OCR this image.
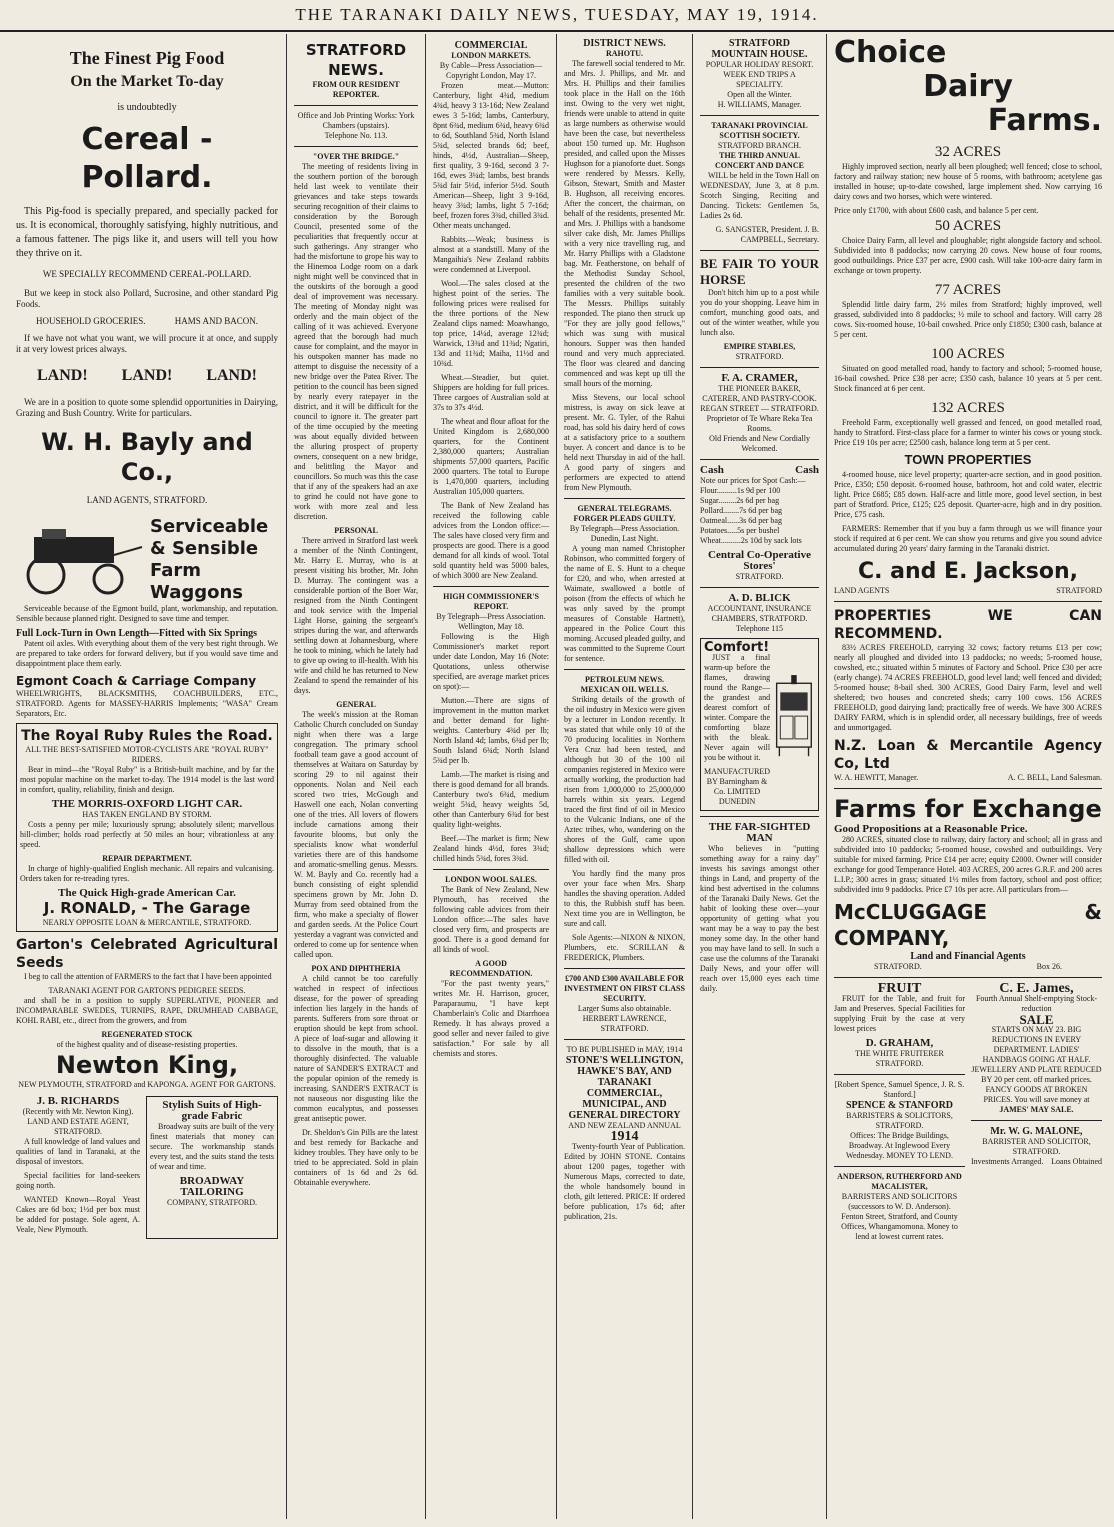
THE TARANAKI DAILY NEWS, TUESDAY, MAY 19, 1914.
The Finest Pig Food
On the Market To-day
is undoubtedly
Cereal - Pollard.

This Pig-food is specially prepared, and specially packed for us. It is economical, thoroughly satisfying, highly nutritious, and a famous fattener. The pigs like it, and users will tell you how they thrive on it.

WE SPECIALLY RECOMMEND CEREAL-POLLARD.

But we keep in stock also Pollard, Sucrosine, and other standard Pig Foods.

HOUSEHOLD GROCERIES.	HAMS AND BACON.

If we have not what you want, we will procure it at once, and supply it at very lowest prices always.

LAND! LAND! LAND!

We are in a position to quote some splendid opportunities in Dairying, Grazing and Bush Country. Write for particulars.

W. H. Bayly and Co.,
LAND AGENTS, STRATFORD.
Serviceable
& Sensible
Farm
Waggons

Serviceable because of the Egmont build, plant, workmanship, and reputation. Sensible because planned right. Designed to save time and temper.

Full Lock-Turn in Own Length—Fitted with Six Springs

Patent oil axles. With everything about them of the very best right through. We are prepared to take orders for forward delivery, but if you would save time and disappointment place them early.

Egmont Coach & Carriage Company
WHEELWRIGHTS, BLACKSMITHS, COACHBUILDERS, ETC., STRATFORD. Agents for MASSEY-HARRIS Implements; "WASA" Cream Separators, Etc.
The Royal Ruby Rules the Road.
ALL THE BEST-SATISFIED MOTOR-CYCLISTS ARE "ROYAL RUBY" RIDERS.

Bear in mind—the "Royal Ruby" is a British-built machine, and by far the most popular machine on the market to-day. The 1914 model is the last word in comfort, quality, reliability, finish and design.

THE MORRIS-OXFORD LIGHT CAR.
HAS TAKEN ENGLAND BY STORM.

Costs a penny per mile; luxuriously sprung; absolutely silent; marvellous hill-climber; holds road perfectly at 50 miles an hour; vibrationless at any speed.

REPAIR DEPARTMENT.

In charge of highly-qualified English mechanic. All repairs and vulcanising. Orders taken for re-treading tyres.

The Quick High-grade American Car.
J. RONALD, - The Garage
NEARLY OPPOSITE LOAN & MERCANTILE, STRATFORD.
Garton's Celebrated Agricultural Seeds

I beg to call the attention of FARMERS to the fact that I have been appointed

TARANAKI AGENT FOR GARTON'S PEDIGREE SEEDS.

and shall be in a position to supply SUPERLATIVE, PIONEER and INCOMPARABLE SWEDES, TURNIPS, RAPE, DRUMHEAD CABBAGE, KOHL RABI, etc., direct from the growers, and from

REGENERATED STOCK
of the highest quality and of disease-resisting properties.
Newton King,
NEW PLYMOUTH, STRATFORD and KAPONGA. AGENT FOR GARTONS.
J. B. RICHARDS
(Recently with Mr. Newton King).
LAND AND ESTATE AGENT, STRATFORD.

A full knowledge of land values and qualities of land in Taranaki, at the disposal of investors.

Special facilities for land-seekers going north.

WANTED Known—Royal Yeast Cakes are 6d box; 1½d per box must be added for postage. Sole agent, A. Veale, New Plymouth.

Stylish Suits of High-grade Fabric

Broadway suits are built of the very finest materials that money can secure. The workmanship stands every test, and the suits stand the tests of wear and time.

BROADWAY TAILORING
COMPANY, STRATFORD.
STRATFORD NEWS.
FROM OUR RESIDENT REPORTER.
Office and Job Printing Works: York Chambers (upstairs).
Telephone No. 113.
"OVER THE BRIDGE."

The meeting of residents living in the southern portion of the borough held last week to ventilate their grievances and take steps towards securing recognition of their claims to consideration by the Borough Council, presented some of the peculiarities that frequently occur at such gatherings. Any stranger who had the misfortune to grope his way to the Hinemoa Lodge room on a dark night might well be convinced that in the outskirts of the borough a good deal of improvement was necessary. The meeting of Monday night was orderly and the main object of the calling of it was achieved. Everyone agreed that the borough had much cause for complaint, and the mayor in his outspoken manner has made no attempt to disguise the necessity of a new bridge over the Patea River. The petition to the council has been signed by nearly every ratepayer in the district, and it will be difficult for the council to ignore it. The greater part of the time occupied by the meeting was about equally divided between the alluring prospect of property owners, consequent on a new bridge, and belittling the Mayor and councillors. So much was this the case that if any of the speakers had an axe to grind he could not have gone to work with more zeal and less discretion.

PERSONAL

There arrived in Stratford last week a member of the Ninth Contingent, Mr. Harry E. Murray, who is at present visiting his brother, Mr. John D. Murray. The contingent was a considerable portion of the Boer War, resigned from the Ninth Contingent and took service with the Imperial Light Horse, gaining the sergeant's stripes during the war, and afterwards settling down at Johannesburg, where he took to mining, which he lately had to give up owing to ill-health. With his wife and child he has returned to New Zealand to spend the remainder of his days.

GENERAL

The week's mission at the Roman Catholic Church concluded on Sunday night when there was a large congregation. The primary school football team gave a good account of themselves at Waitara on Saturday by scoring 29 to nil against their opponents. Nolan and Neil each scored two tries, McGough and Haswell one each, Nolan converting one of the tries. All lovers of flowers include carnations among their favourite blooms, but only the specialists know what wonderful varieties there are of this handsome and aromatic-smelling genus. Messrs. W. M. Bayly and Co. recently had a bunch consisting of eight splendid specimens grown by Mr. John D. Murray from seed obtained from the firm, who make a specialty of flower and garden seeds. At the Police Court yesterday a vagrant was convicted and ordered to come up for sentence when called upon.

POX AND DIPHTHERIA

A child cannot be too carefully watched in respect of infectious disease, for the power of spreading infection lies largely in the hands of parents. Sufferers from sore throat or eruption should be kept from school. A piece of loaf-sugar and allowing it to dissolve in the mouth, that is a thoroughly disinfected. The valuable nature of SANDER'S EXTRACT and the popular opinion of the remedy is increasing. SANDER'S EXTRACT is not nauseous nor disgusting like the common eucalyptus, and possesses great antiseptic power.

Dr. Sheldon's Gin Pills are the latest and best remedy for Backache and kidney troubles. They have only to be tried to be appreciated. Sold in plain containers of 1s 6d and 2s 6d. Obtainable everywhere.

COMMERCIAL
LONDON MARKETS.
By Cable—Press Association—Copyright London, May 17.

Frozen meat.—Mutton: Canterbury, light 4¾d, medium 4¾d, heavy 3 13-16d; New Zealand ewes 3 5-16d; lambs, Canterbury, 8pnt 6¾d, medium 6¾d, heavy 6¾d to 6d, Southland 5¾d, North Island 5¾d, selected brands 6d; beef, hinds, 4½d, Australian—Sheep, first quality, 3 9-16d, second 3 7-16d, ewes 3¼d; lambs, best brands 5¾d fair 5½d, inferior 5½d. South American—Sheep, light 3 9-16d, heavy 3¾d; lambs, light 5 7-16d; beef, frozen fores 3¾d, chilled 3¾d. Other meats unchanged.

Rabbits.—Weak; business is almost at a standstill. Many of the Mangaihia's New Zealand rabbits were condemned at Liverpool.

Wool.—The sales closed at the highest point of the series. The following prices were realised for the three portions of the New Zealand clips named: Moawhango, top price, 14¼d, average 12¾d; Warwick, 13¾d and 11¾d; Ngatiri, 13d and 11¾d; Maiha, 11½d and 10¾d.

Wheat.—Steadier, but quiet. Shippers are holding for full prices. Three cargoes of Australian sold at 37s to 37s 4½d.

The wheat and flour afloat for the United Kingdom is 2,680,000 quarters, for the Continent 2,380,000 quarters; Australian shipments 57,000 quarters, Pacific 2000 quarters. The total to Europe is 1,470,000 quarters, including Australian 105,000 quarters.

The Bank of New Zealand has received the following cable advices from the London office:—The sales have closed very firm and prospects are good. There is a good demand for all kinds of wool. Total sold quantity held was 5000 bales, of which 3000 are New Zealand.

HIGH COMMISSIONER'S REPORT.
By Telegraph—Press Association. Wellington, May 18.

Following is the High Commissioner's market report under date London, May 16 (Note: Quotations, unless otherwise specified, are average market prices on spot):—

Mutton.—There are signs of improvement in the mutton market and better demand for light-weights. Canterbury 4¾d per lb; North Island 4d; lambs, 6¾d per lb; South Island 6¾d; North Island 5¾d per lb.

Lamb.—The market is rising and there is good demand for all brands. Canterbury two's 6¾d, medium weight 5¾d, heavy weights 5d, other than Canterbury 6¾d for best quality light-weights.

Beef.—The market is firm; New Zealand hinds 4½d, fores 3¾d; chilled hinds 5¾d, fores 3¾d.

LONDON WOOL SALES.

The Bank of New Zealand, New Plymouth, has received the following cable advices from their London office:—The sales have closed very firm, and prospects are good. There is a good demand for all kinds of wool.

A GOOD RECOMMENDATION.

"For the past twenty years," writes Mr. H. Harrison, grocer, Paraparaumu, "I have kept Chamberlain's Colic and Diarrhoea Remedy. It has always proved a good seller and never failed to give satisfaction." For sale by all chemists and stores.

DISTRICT NEWS.
RAHOTU.

The farewell social tendered to Mr. and Mrs. J. Phillips, and Mr. and Mrs. H. Phillips and their families took place in the Hall on the 16th inst. Owing to the very wet night, friends were unable to attend in quite as large numbers as otherwise would have been the case, but nevertheless about 150 turned up. Mr. Hughson presided, and called upon the Misses Hughson for a pianoforte duet. Songs were rendered by Messrs. Kelly, Gibson, Stewart, Smith and Master B. Hughson, all receiving encores. After the concert, the chairman, on behalf of the residents, presented Mr. and Mrs. J. Phillips with a handsome silver cake dish, Mr. James Phillips with a very nice travelling rug, and Mr. Harry Phillips with a Gladstone bag. Mr. Featherstone, on behalf of the Methodist Sunday School, presented the children of the two families with a very suitable book. The Messrs. Phillips suitably responded. The piano then struck up "For they are jolly good fellows," which was sung with musical honours. Supper was then handed round and very much appreciated. The floor was cleared and dancing commenced and was kept up till the small hours of the morning.

Miss Stevens, our local school mistress, is away on sick leave at present. Mr. G. Tyler, of the Rahui road, has sold his dairy herd of cows at a satisfactory price to a southern buyer. A concert and dance is to be held next Thursday in aid of the hall. A good party of singers and performers are expected to attend from New Plymouth.

GENERAL TELEGRAMS.
FORGER PLEADS GUILTY.
By Telegraph—Press Association. Dunedin, Last Night.

A young man named Christopher Robinson, who committed forgery of the name of E. S. Hunt to a cheque for £20, and who, when arrested at Waimate, swallowed a bottle of poison (from the effects of which he was only saved by the prompt measures of Constable Hartnett), appeared in the Police Court this morning. Accused pleaded guilty, and was committed to the Supreme Court for sentence.

PETROLEUM NEWS.
MEXICAN OIL WELLS.

Striking details of the growth of the oil industry in Mexico were given by a lecturer in London recently. It was stated that while only 10 of the 70 producing localities in Northern Vera Cruz had been tested, and although but 30 of the 100 oil companies registered in Mexico were actually working, the production had risen from 1,000,000 to 25,000,000 barrels within six years. Legend traced the first find of oil in Mexico to the Vulcanic Indians, one of the Aztec tribes, who, wandering on the shores of the Gulf, came upon shallow depressions which were filled with oil.

You hardly find the many pros over your face when Mrs. Sharp handles the shaving operation. Added to this, the Rubbish stuff has been. Next time you are in Wellington, be sure and call.

Sole Agents:—NIXON & NIXON, Plumbers, etc. SCRILLAN & FREDERICK, Plumbers.

£700 AND £300 AVAILABLE FOR INVESTMENT ON FIRST CLASS SECURITY.
Larger Sums also obtainable. HERBERT LAWRENCE, STRATFORD.
TO BE PUBLISHED in MAY, 1914
STONE'S WELLINGTON, HAWKE'S BAY, AND TARANAKI COMMERCIAL, MUNICIPAL, AND GENERAL DIRECTORY
AND NEW ZEALAND ANNUAL
1914

Twenty-fourth Year of Publication. Edited by JOHN STONE. Contains about 1200 pages, together with Numerous Maps, corrected to date, the whole handsomely bound in cloth, gilt lettered. PRICE: If ordered before publication, 17s 6d; after publication, 21s.

STRATFORD MOUNTAIN HOUSE.
POPULAR HOLIDAY RESORT.
WEEK END TRIPS A SPECIALITY.
Open all the Winter.
H. WILLIAMS, Manager.
TARANAKI PROVINCIAL SCOTTISH SOCIETY.
STRATFORD BRANCH.
THE THIRD ANNUAL CONCERT AND DANCE

WILL be held in the Town Hall on WEDNESDAY, June 3, at 8 p.m. Scotch Singing, Reciting and Dancing. Tickets: Gentlemen 5s, Ladies 2s 6d.

G. SANGSTER, President. J. B. CAMPBELL, Secretary.
BE FAIR TO YOUR HORSE

Don't hitch him up to a post while you do your shopping. Leave him in comfort, munching good oats, and out of the winter weather, while you lunch also.

EMPIRE STABLES,
STRATFORD.
F. A. CRAMER,
THE PIONEER BAKER, CATERER, AND PASTRY-COOK.
REGAN STREET — STRATFORD.
Proprietor of Te Whare Reka Tea Rooms.
Old Friends and New Cordially Welcomed.
Cash	Cash
Note our prices for Spot Cash:—
Flour..........1s 9d per 100
Sugar.........2s 6d per bag
Pollard........7s 6d per bag
Oatmeal......3s 6d per bag
Potatoes.....5s per bushel
Wheat..........2s 10d by sack lots
Central Co-Operative Stores'
STRATFORD.
A. D. BLICK
ACCOUNTANT, INSURANCE CHAMBERS, STRATFORD.
Telephone 115
Comfort!

JUST a final warm-up before the flames, drawing round the Range—the grandest and dearest comfort of winter. Compare the comforting blaze with the bleak. Never again will you be without it.

MANUFACTURED BY Barningham & Co. LIMITED DUNEDIN
THE FAR-SIGHTED MAN

Who believes in "putting something away for a rainy day" invests his savings amongst other things in Land, and property of the kind best advertised in the columns of the Taranaki Daily News. Get the habit of looking these over—your opportunity of getting what you want may be a way to pay the best money some day. In the other hand you may have land to sell. In such a case use the columns of the Taranaki Daily News, and your offer will reach over 15,000 eyes each time daily.

Choice
Dairy
Farms.
32 ACRES

Highly improved section, nearly all been ploughed; well fenced; close to school, factory and railway station; new house of 5 rooms, with bathroom; acetylene gas installed in house; up-to-date cowshed, large implement shed. Now carrying 16 dairy cows and two horses, which were wintered.

Price only £1700, with about £600 cash, and balance 5 per cent.
50 ACRES

Choice Dairy Farm, all level and ploughable; right alongside factory and school. Subdivided into 8 paddocks; now carrying 20 cows. New house of four rooms, good outbuildings. Price £37 per acre, £900 cash. Will take 100-acre dairy farm in exchange or town property.

77 ACRES

Splendid little dairy farm, 2½ miles from Stratford; highly improved, well grassed, subdivided into 8 paddocks; ½ mile to school and factory. Will carry 28 cows. Six-roomed house, 10-bail cowshed. Price only £1850; £300 cash, balance at 5 per cent.

100 ACRES

Situated on good metalled road, handy to factory and school; 5-roomed house, 16-bail cowshed. Price £38 per acre; £350 cash, balance 10 years at 5 per cent. Stock financed at 6 per cent.

132 ACRES

Freehold Farm, exceptionally well grassed and fenced, on good metalled road, handy to Stratford. First-class place for a farmer to winter his cows or young stock. Price £19 10s per acre; £2500 cash, balance long term at 5 per cent.

TOWN PROPERTIES

4-roomed house, nice level property; quarter-acre section, and in good position. Price, £350; £50 deposit. 6-roomed house, bathroom, hot and cold water, electric light. Price £685; £85 down. Half-acre and little more, good level section, in best part of Stratford. Price, £125; £25 deposit. Quarter-acre, high and in dry position. Price, £75 cash.

FARMERS: Remember that if you buy a farm through us we will finance your stock if required at 6 per cent. We can show you returns and give you sound advice accumulated during 20 years' dairy farming in the Taranaki district.

C. and E. Jackson,
LAND AGENTS	STRATFORD
PROPERTIES WE CAN RECOMMEND.

83½ ACRES FREEHOLD, carrying 32 cows; factory returns £13 per cow; nearly all ploughed and divided into 13 paddocks; no weeds; 5-roomed house, cowshed, etc.; situated within 5 minutes of Factory and School. Price £30 per acre (early change). 74 ACRES FREEHOLD, good level land; well fenced and divided; 5-roomed house; 8-bail shed. 300 ACRES, Good Dairy Farm, level and well sheltered; two houses and concreted sheds; carry 100 cows. 156 ACRES FREEHOLD, good dairying land; practically free of weeds. We have 300 ACRES DAIRY FARM, which is in splendid order, all necessary buildings, free of weeds and unmortgaged.

N.Z. Loan & Mercantile Agency Co, Ltd
W. A. HEWITT, Manager.	A. C. BELL, Land Salesman.
Farms for Exchange
Good Propositions at a Reasonable Price.

280 ACRES, situated close to railway, dairy factory and school; all in grass and subdivided into 10 paddocks; 5-roomed house, cowshed and outbuildings. Very suitable for mixed farming. Price £14 per acre; equity £2000. Owner will consider exchange for good Temperance Hotel. 403 ACRES, 200 acres G.R.F. and 200 acres L.I.P.; 300 acres in grass; situated 1½ miles from factory, school and post office; subdivided into 9 paddocks. Price £7 10s per acre. All particulars from—

McCLUGGAGE & COMPANY,
Land and Financial Agents
STRATFORD.	Box 26.
FRUIT

FRUIT for the Table, and fruit for Jam and Preserves. Special Facilities for supplying Fruit by the case at very lowest prices

D. GRAHAM,
THE WHITE FRUITERER STRATFORD.
[Robert Spence, Samuel Spence, J. R. S. Stanford.]
SPENCE & STANFORD
BARRISTERS & SOLICITORS, STRATFORD.
Offices: The Bridge Buildings, Broadway. At Inglewood Every Wednesday. MONEY TO LEND.
ANDERSON, RUTHERFORD AND MACALISTER,
BARRISTERS AND SOLICITORS (successors to W. D. Anderson).
Fenton Street, Stratford, and County Offices, Whangamomona. Money to lend at lowest current rates.
C. E. James,
Fourth Annual Shelf-emptying Stock-reduction
SALE
STARTS ON MAY 23. BIG REDUCTIONS IN EVERY DEPARTMENT. LADIES' HANDBAGS GOING AT HALF. JEWELLERY AND PLATE REDUCED BY 20 per cent. off marked prices. FANCY GOODS AT BROKEN PRICES. You will save money at
JAMES' MAY SALE.
Mr. W. G. MALONE,
BARRISTER AND SOLICITOR, STRATFORD.
Investments Arranged. Loans Obtained
